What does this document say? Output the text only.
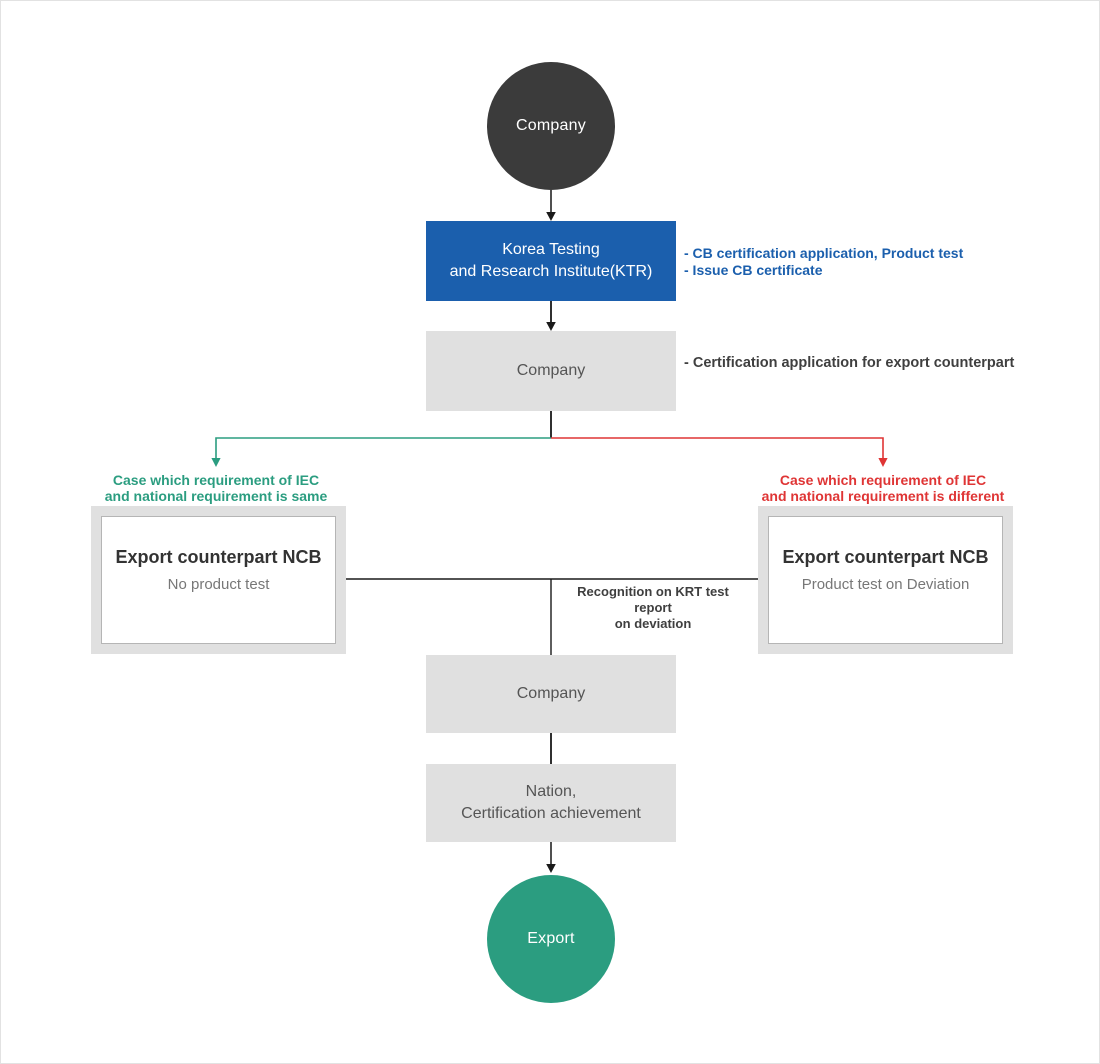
Company
Korea Testing
and Research Institute(KTR)
- CB certification application, Product test
- Issue CB certificate
Company	- Certification application for export counterpart
Case which requirement of IEC
and national requirement is same
Case which requirement of IEC
and national requirement is different
Export counterpart NCB
No product test
Export counterpart NCB
Product test on Deviation
Recognition on KRT test report
on deviation
Company
Nation,
Certification achievement
Export
